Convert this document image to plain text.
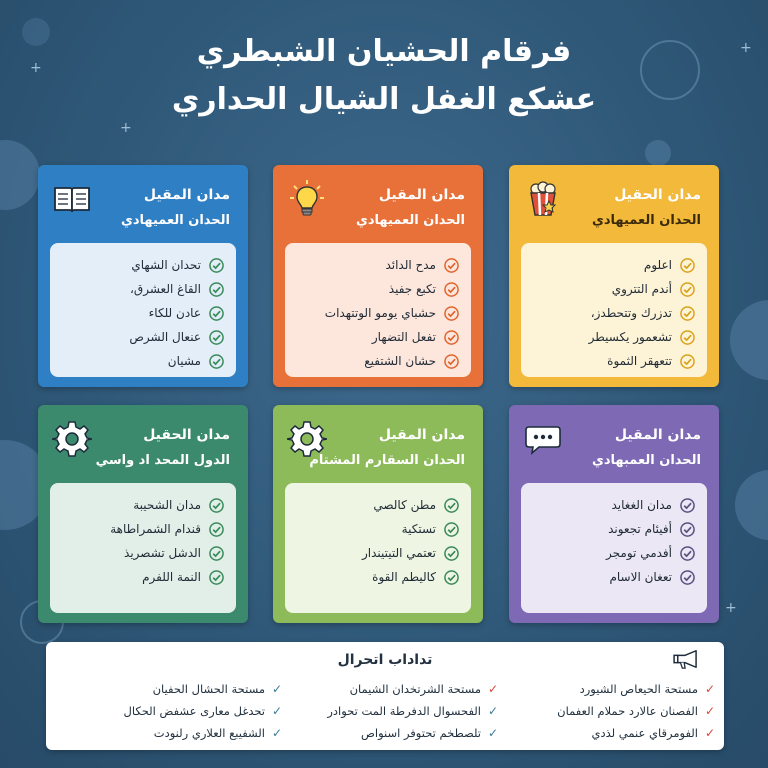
+
+
+
+
فرقام الحشيان الشبطري
عشكع الغفل الشيال الحداري
مدان الحقيل
الحدان العميهادي
اعلوم
أندم التتروي
تدزرك وتتحطدز،
تشعمور يكسيطر
تتعهقر الثموة
مدان المقيل
الحدان العميهادي
مدح الدائد
تكبع جفيذ
حشباي يومو الوتتهدات
تفعل التضهار
حشان الشتفيع
مدان المقيل
الحدان العميهادي
تحدان الشهاي
القاغ العشرق،
عادن للكاء
عنعال الشرص
مشيان
مدان المقيل
الحدان العمبهادي
مدان الغغايد
أفيئام تجعوند
أفدمي تومجر
تعغان الاسام
مدان المقيل
الحدان السقارم المشتام
مطن كالصي
تستكية
تعتمي التيتيندار
كاليطم القوة
مدان الحقيل
الدول المحد اد واسي
مدان الشحيبة
قندام الشمراطاهة
الدشل تشصريذ
النمة اللفرم
تداداب اتحرال
✓
مستحة الحيعاص الشيورد
✓
الفصنان عالارد حملام العفمان
✓
الفومرقاي عنمي لذدي
✓
مستحة الشرتخدان الشيمان
✓
الفحسوال الدفرطة المت تحوادر
✓
تلصطخم تحتوفر اسنواص
✓
مستحة الحشال الحفيان
✓
تحدغل معارى عشفض الحكال
✓
الشفيبع العلاري رلنودت
